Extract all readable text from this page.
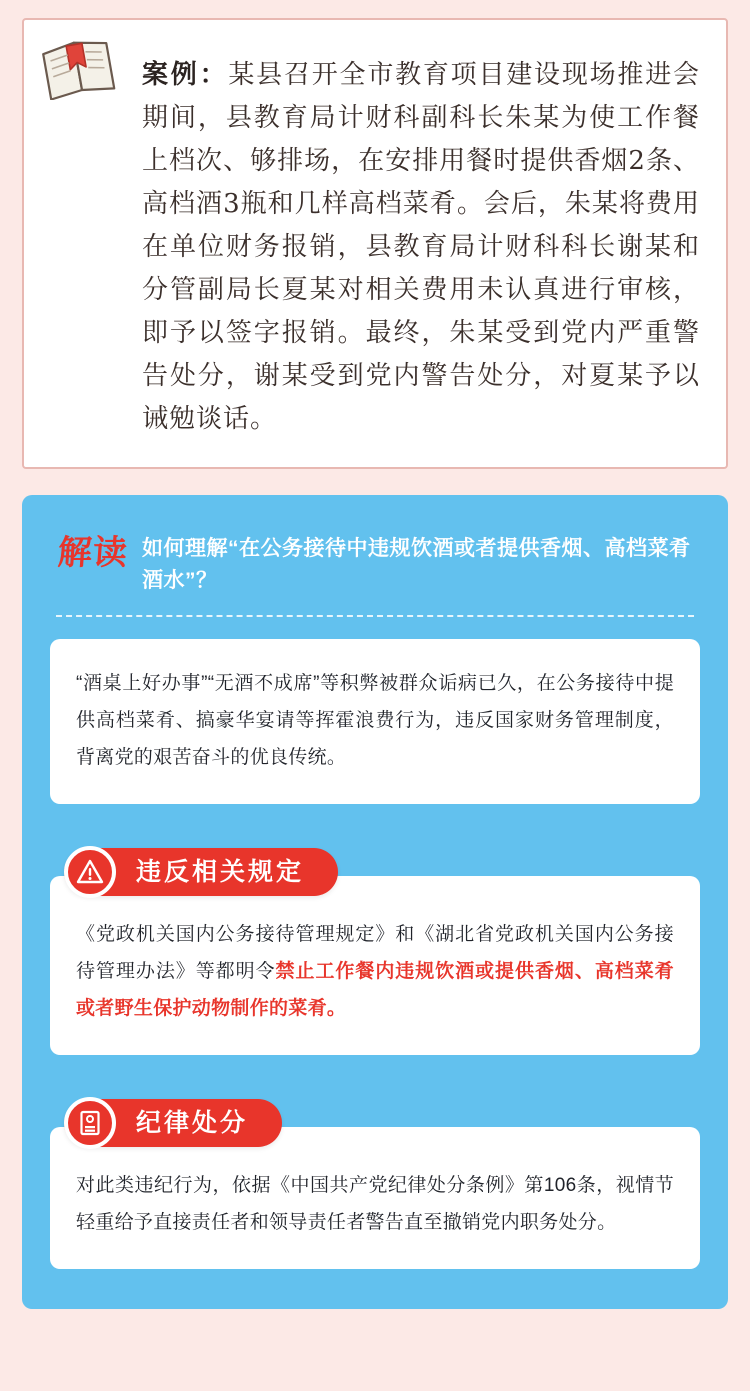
案例：某县召开全市教育项目建设现场推进会期间，县教育局计财科副科长朱某为使工作餐上档次、够排场，在安排用餐时提供香烟2条、高档酒3瓶和几样高档菜肴。会后，朱某将费用在单位财务报销，县教育局计财科科长谢某和分管副局长夏某对相关费用未认真进行审核，即予以签字报销。最终，朱某受到党内严重警告处分，谢某受到党内警告处分，对夏某予以诫勉谈话。
解读 如何理解“在公务接待中违规饮酒或者提供香烟、高档菜肴酒水”？
“酒桌上好办事”“无酒不成席”等积弊被群众诟病已久，在公务接待中提供高档菜肴、搞豪华宴请等挥霍浪费行为，违反国家财务管理制度，背离党的艰苦奋斗的优良传统。
违反相关规定
《党政机关国内公务接待管理规定》和《湖北省党政机关国内公务接待管理办法》等都明令禁止工作餐内违规饮酒或提供香烟、高档菜肴或者野生保护动物制作的菜肴。
纪律处分
对此类违纪行为，依据《中国共产党纪律处分条例》第106条，视情节轻重给予直接责任者和领导责任者警告直至撤销党内职务处分。
